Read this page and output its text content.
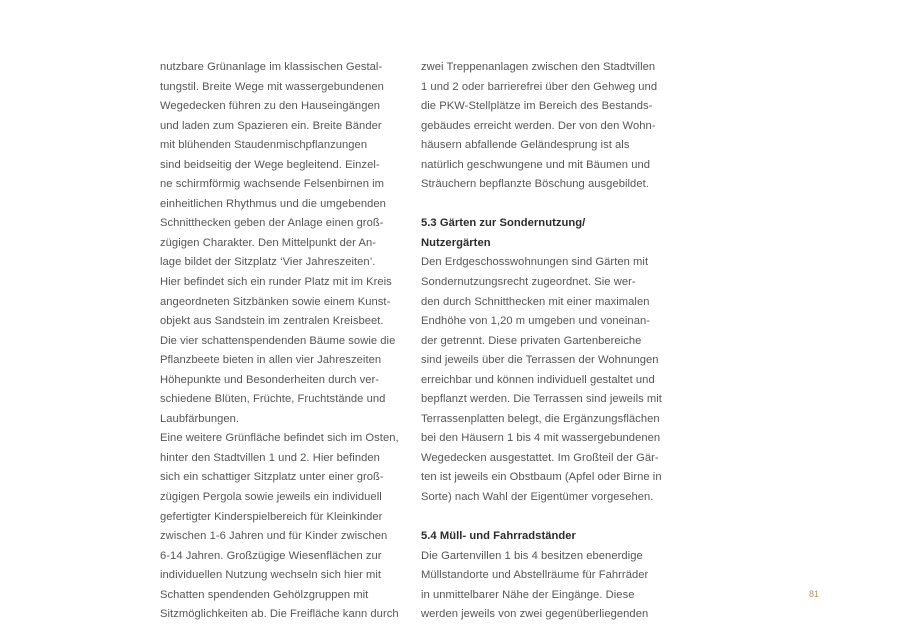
nutzbare Grünanlage im klassischen Gestal-
tungstil. Breite Wege mit wassergebundenen
Wegedecken führen zu den Hauseingängen
und laden zum Spazieren ein. Breite Bänder
mit blühenden Staudenmischpflanzungen
sind beidseitig der Wege begleitend. Einzel-
ne schirmförmig wachsende Felsenbirnen im
einheitlichen Rhythmus und die umgebenden
Schnitthecken geben der Anlage einen groß-
zügigen Charakter. Den Mittelpunkt der An-
lage bildet der Sitzplatz ‘Vier Jahreszeiten’.
Hier befindet sich ein runder Platz mit im Kreis
angeordneten Sitzbänken sowie einem Kunst-
objekt aus Sandstein im zentralen Kreisbeet.
Die vier schattenspendenden Bäume sowie die
Pflanzbeete bieten in allen vier Jahreszeiten
Höhepunkte und Besonderheiten durch ver-
schiedene Blüten, Früchte, Fruchtstände und
Laubfärbungen.
Eine weitere Grünfläche befindet sich im Osten,
hinter den Stadtvillen 1 und 2. Hier befinden
sich ein schattiger Sitzplatz unter einer groß-
zügigen Pergola sowie jeweils ein individuell
gefertigter Kinderspielbereich für Kleinkinder
zwischen 1-6 Jahren und für Kinder zwischen
6-14 Jahren. Großzügige Wiesenflächen zur
individuellen Nutzung wechseln sich hier mit
Schatten spendenden Gehölzgruppen mit
Sitzmöglichkeiten ab. Die Freifläche kann durch
zwei Treppenanlagen zwischen den Stadtvillen
1 und 2 oder barrierefrei über den Gehweg und
die PKW-Stellplätze im Bereich des Bestands-
gebäudes erreicht werden. Der von den Wohn-
häusern abfallende Geländesprung ist als
natürlich geschwungene und mit Bäumen und
Sträuchern bepflanzte Böschung ausgebildet.
5.3 Gärten zur Sondernutzung/
Nutzergärten
Den Erdgeschosswohnungen sind Gärten mit
Sondernutzungsrecht zugeordnet. Sie wer-
den durch Schnitthecken mit einer maximalen
Endhöhe von 1,20 m umgeben und voneinan-
der getrennt. Diese privaten Gartenbereiche
sind jeweils über die Terrassen der Wohnungen
erreichbar und können individuell gestaltet und
bepflanzt werden. Die Terrassen sind jeweils mit
Terrassenplatten belegt, die Ergänzungsflächen
bei den Häusern 1 bis 4 mit wassergebundenen
Wegedecken ausgestattet. Im Großteil der Gär-
ten ist jeweils ein Obstbaum (Apfel oder Birne in
Sorte) nach Wahl der Eigentümer vorgesehen.
5.4 Müll- und Fahrradständer
Die Gartenvillen 1 bis 4 besitzen ebenerdige
Müllstandorte und Abstellräume für Fahrräder
in unmittelbarer Nähe der Eingänge. Diese
werden jeweils von zwei gegenüberliegenden
81
